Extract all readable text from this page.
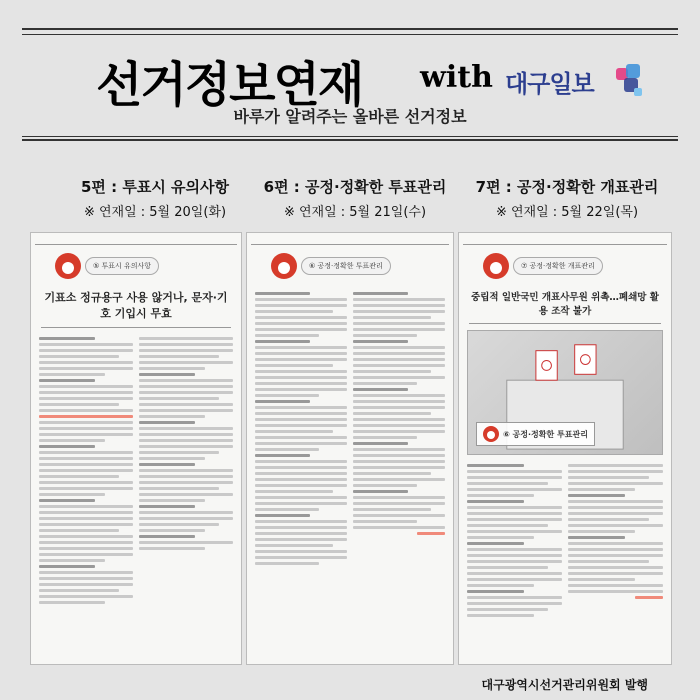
선거정보연재 with 대구일보
바루가 알려주는 올바른 선거정보
5편 : 투표시 유의사항
※ 연재일 : 5월 20일(화)
6편 : 공정·정확한 투표관리
※ 연재일 : 5월 21일(수)
7편 : 공정·정확한 개표관리
※ 연재일 : 5월 22일(목)
⑤ 투표시 유의사항
기표소 정규용구 사용 않거나, 문자·기호 기입시 무효
⑥ 공정·정확한 투표관리	⑦ 공정·정확한 개표관리
중립적 일반국민 개표사무원 위촉…폐쇄망 활용 조작 불가
⑥ 공정·정확한 투표관리
대구광역시선거관리위원회 발행
